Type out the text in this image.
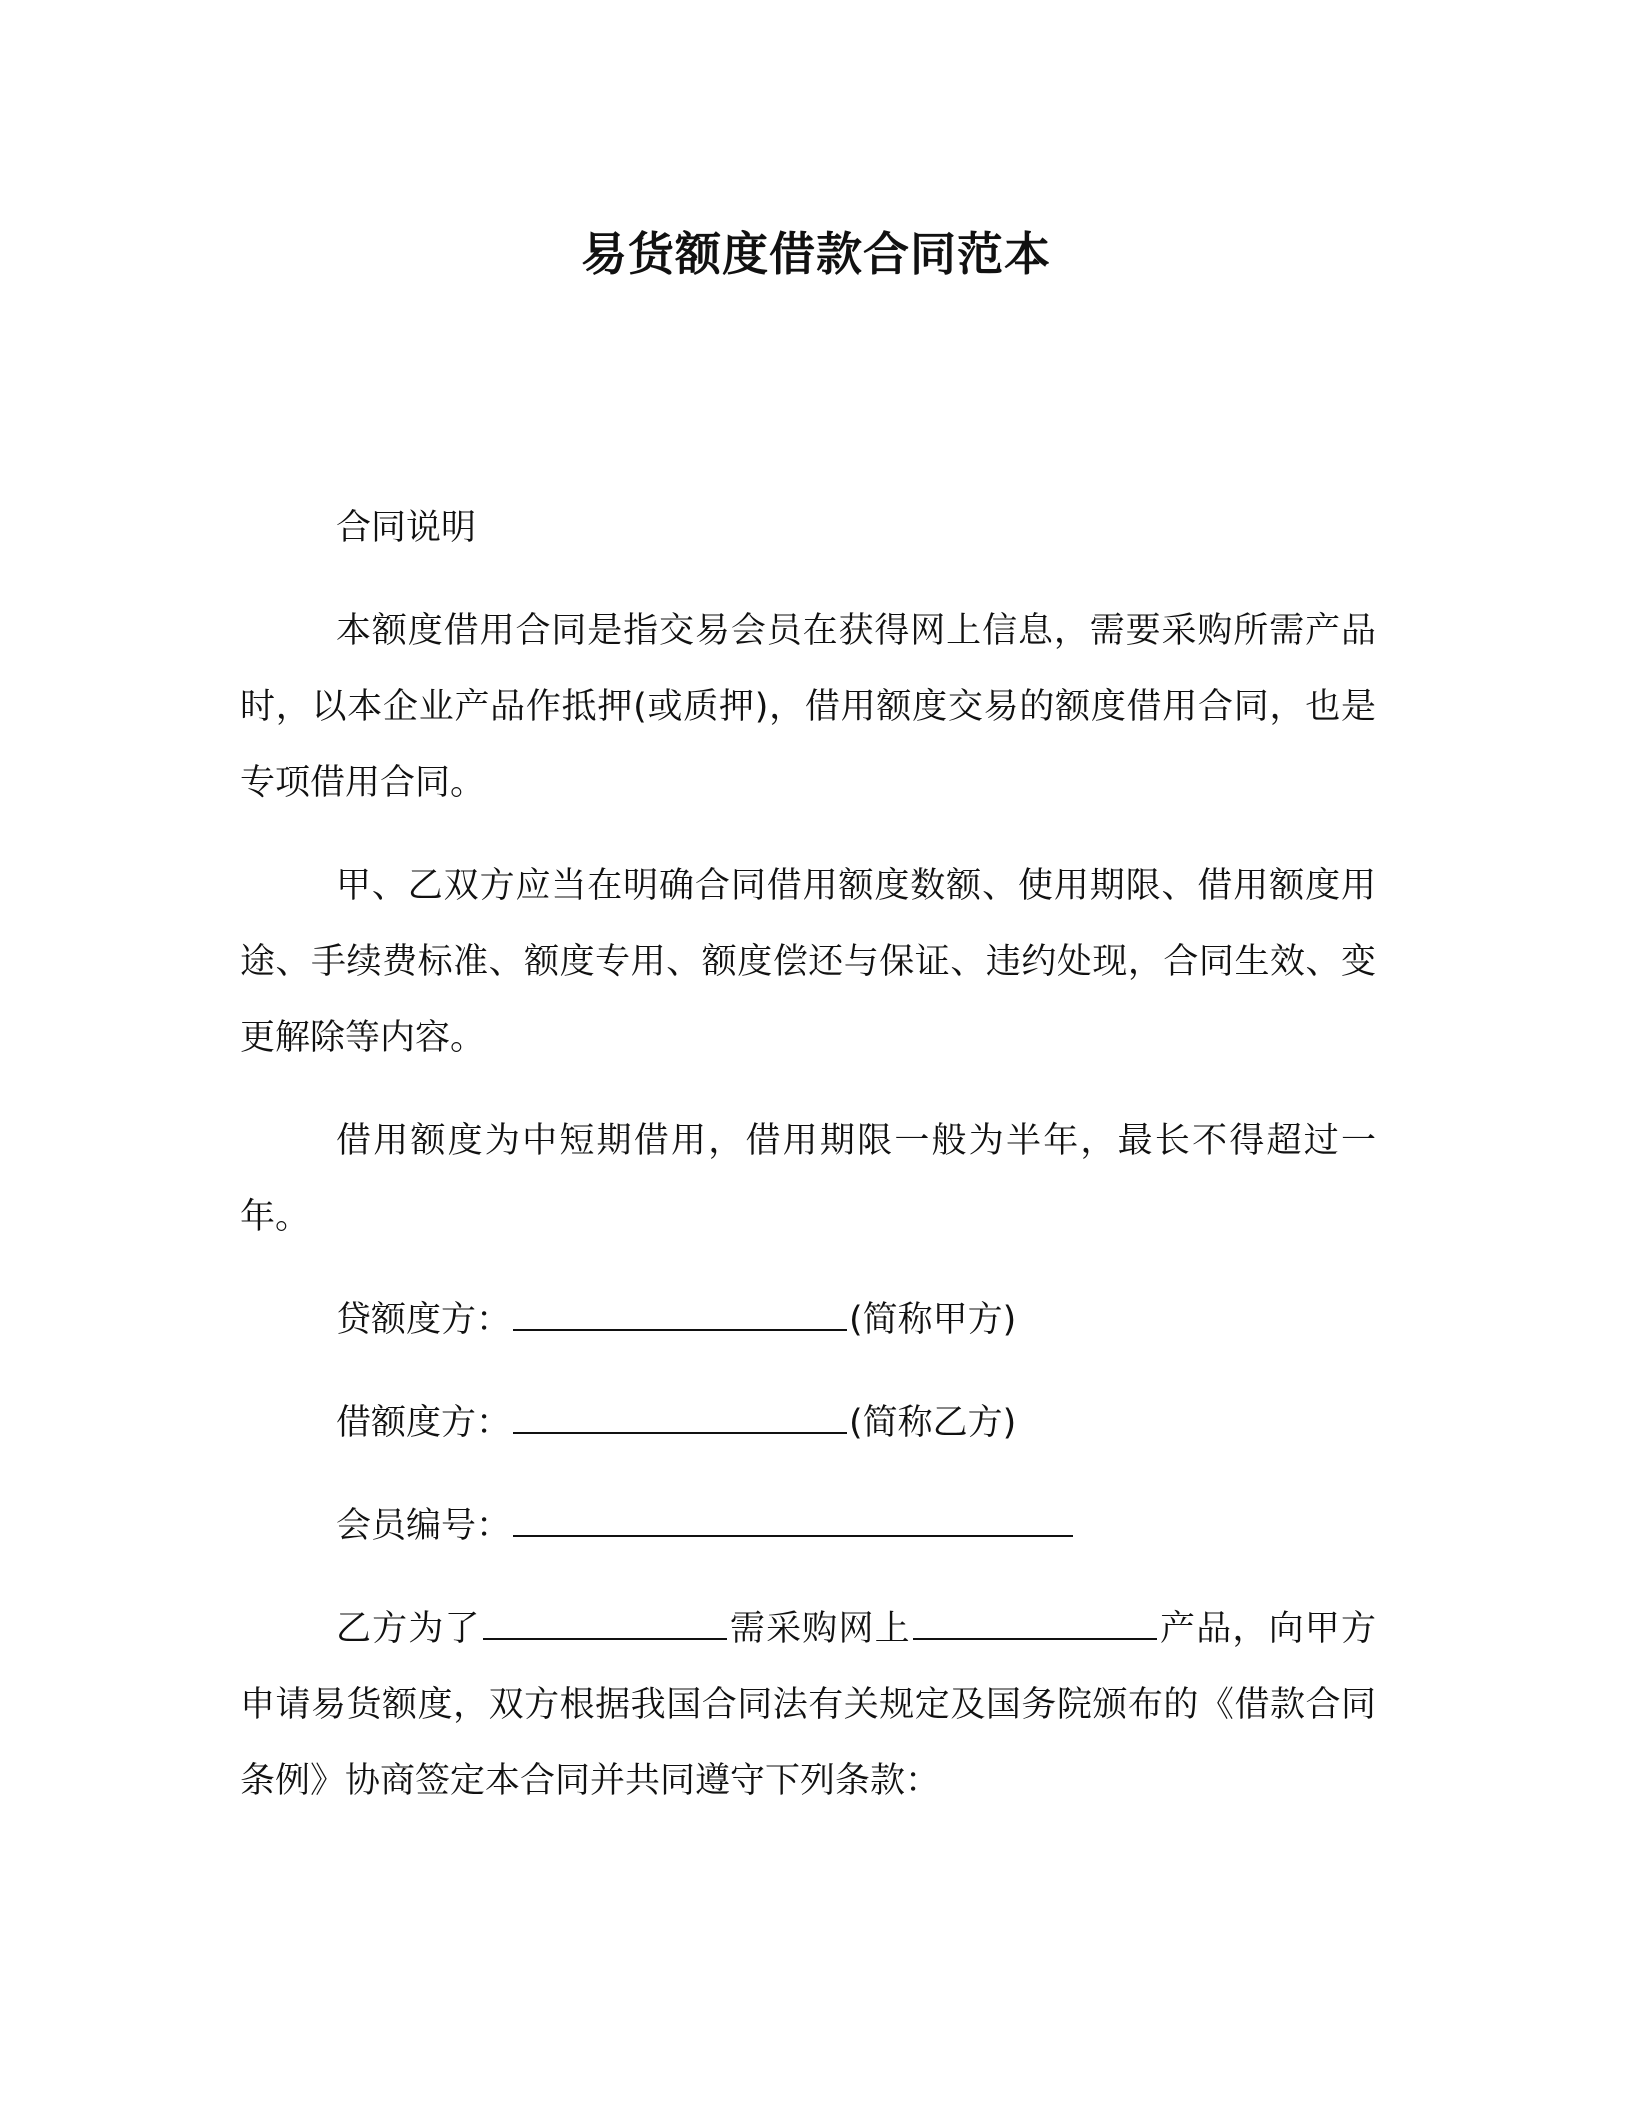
易货额度借款合同范本

合同说明

本额度借用合同是指交易会员在获得网上信息，需要采购所需产品时，以本企业产品作抵押(或质押)，借用额度交易的额度借用合同，也是专项借用合同。

甲、乙双方应当在明确合同借用额度数额、使用期限、借用额度用途、手续费标准、额度专用、额度偿还与保证、违约处现，合同生效、变更解除等内容。

借用额度为中短期借用，借用期限一般为半年，最长不得超过一年。

贷额度方：	(简称甲方)

借额度方：	(简称乙方)

会员编号：

乙方为了	需采购网上	产品，向甲方申请易货额度，双方根据我国合同法有关规定及国务院颁布的《借款合同条例》协商签定本合同并共同遵守下列条款：
